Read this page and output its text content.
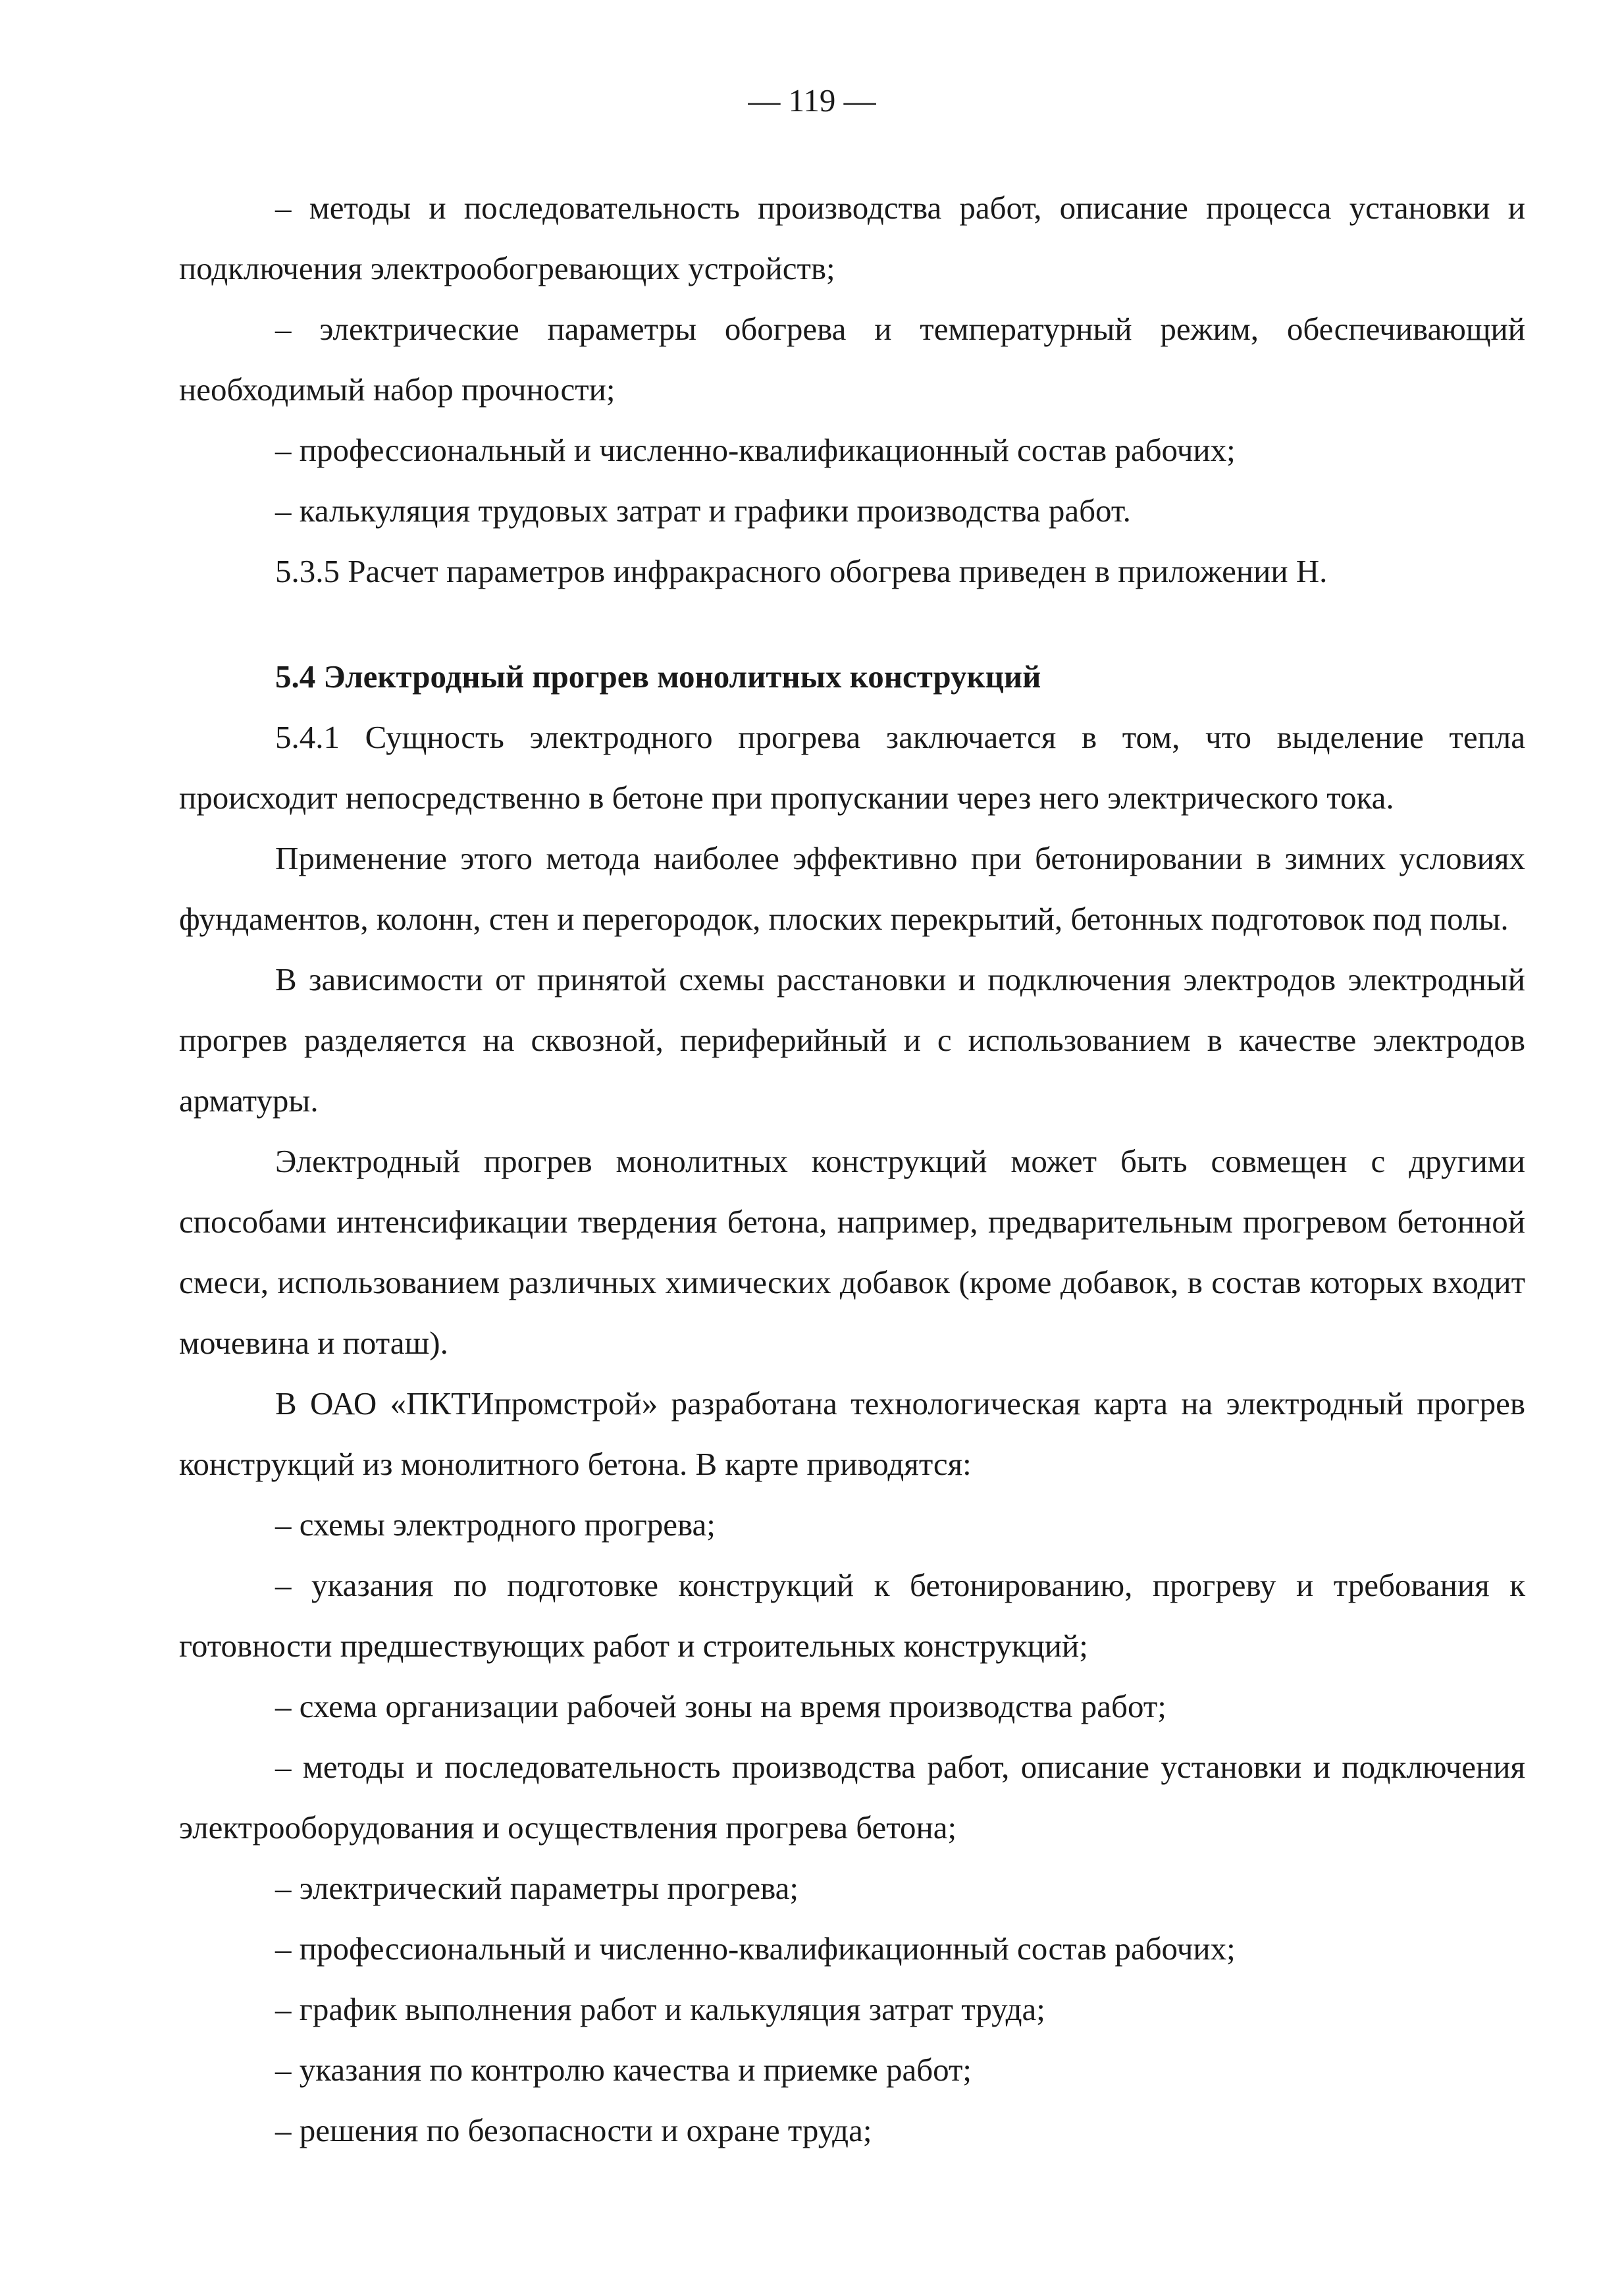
— 119 —

– методы и последовательность производства работ, описание процесса установки и подключения электрообогревающих устройств;

– электрические параметры обогрева и температурный режим, обеспечивающий необходимый набор прочности;

– профессиональный и численно-квалификационный состав рабочих;

– калькуляция трудовых затрат и графики производства работ.

5.3.5 Расчет параметров инфракрасного обогрева приведен в приложении Н.

5.4 Электродный прогрев монолитных конструкций

5.4.1 Сущность электродного прогрева заключается в том, что выделение тепла происходит непосредственно в бетоне при пропускании через него электрического тока.

Применение этого метода наиболее эффективно при бетонировании в зимних условиях фундаментов, колонн, стен и перегородок, плоских перекрытий, бетонных подготовок под полы.

В зависимости от принятой схемы расстановки и подключения электродов электродный прогрев разделяется на сквозной, периферийный и с использованием в качестве электродов арматуры.

Электродный прогрев монолитных конструкций может быть совмещен с другими способами интенсификации твердения бетона, например, предварительным прогревом бетонной смеси, использованием различных химических добавок (кроме добавок, в состав которых входит мочевина и поташ).

В ОАО «ПКТИпромстрой» разработана технологическая карта на электродный прогрев конструкций из монолитного бетона. В карте приводятся:

– схемы электродного прогрева;

– указания по подготовке конструкций к бетонированию, прогреву и требования к готовности предшествующих работ и строительных конструкций;

– схема организации рабочей зоны на время производства работ;

– методы и последовательность производства работ, описание установки и подключения электрооборудования и осуществления прогрева бетона;

– электрический параметры прогрева;

– профессиональный и численно-квалификационный состав рабочих;

– график выполнения работ и калькуляция затрат труда;

– указания по контролю качества и приемке работ;

– решения по безопасности и охране труда;
